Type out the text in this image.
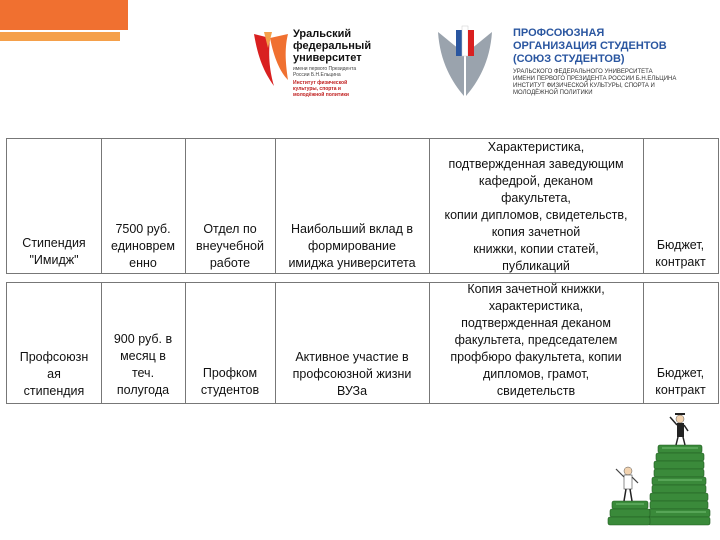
Уральский
федеральный
университет
имени первого Президента
России Б.Н.Ельцина
Институт физической
культуры, спорта и
молодёжной политики
ПРОФСОЮЗНАЯ
ОРГАНИЗАЦИЯ СТУДЕНТОВ
(СОЮЗ СТУДЕНТОВ)
УРАЛЬСКОГО ФЕДЕРАЛЬНОГО УНИВЕРСИТЕТА
ИМЕНИ ПЕРВОГО ПРЕЗИДЕНТА РОССИИ Б.Н.ЕЛЬЦИНА
ИНСТИТУТ ФИЗИЧЕСКОЙ КУЛЬТУРЫ, СПОРТА И
МОЛОДЁЖНОЙ ПОЛИТИКИ
Стипендия
"Имидж"
7500 руб.
единоврем
енно
Отдел по
внеучебной
работе
Наибольший вклад в
формирование
имиджа университета
Характеристика,
подтвержденная заведующим
кафедрой, деканом
факультета,
копии дипломов, свидетельств,
копия зачетной
книжки, копии статей,
публикаций
Бюджет,
контракт
Профсоюзн
ая
стипендия
900 руб. в
месяц в
теч.
полугода
Профком
студентов
Активное участие в
профсоюзной жизни
ВУЗа
Копия зачетной книжки,
характеристика,
подтвержденная деканом
факультета, председателем
профбюро факультета, копии
дипломов, грамот,
свидетельств
Бюджет,
контракт
